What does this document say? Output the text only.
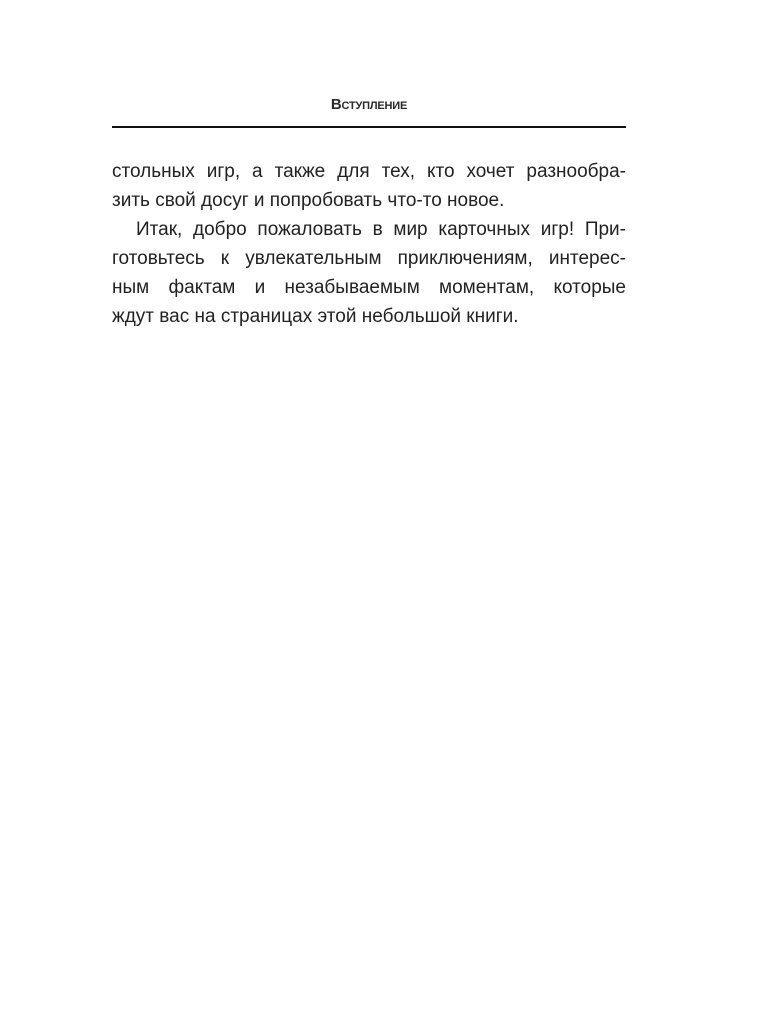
Вступление
стольных игр, а также для тех, кто хочет разнообра-
зить свой досуг и попробовать что-то новое.
Итак, добро пожаловать в мир карточных игр! При-
готовьтесь к увлекательным приключениям, интерес-
ным фактам и незабываемым моментам, которые
ждут вас на страницах этой небольшой книги.
